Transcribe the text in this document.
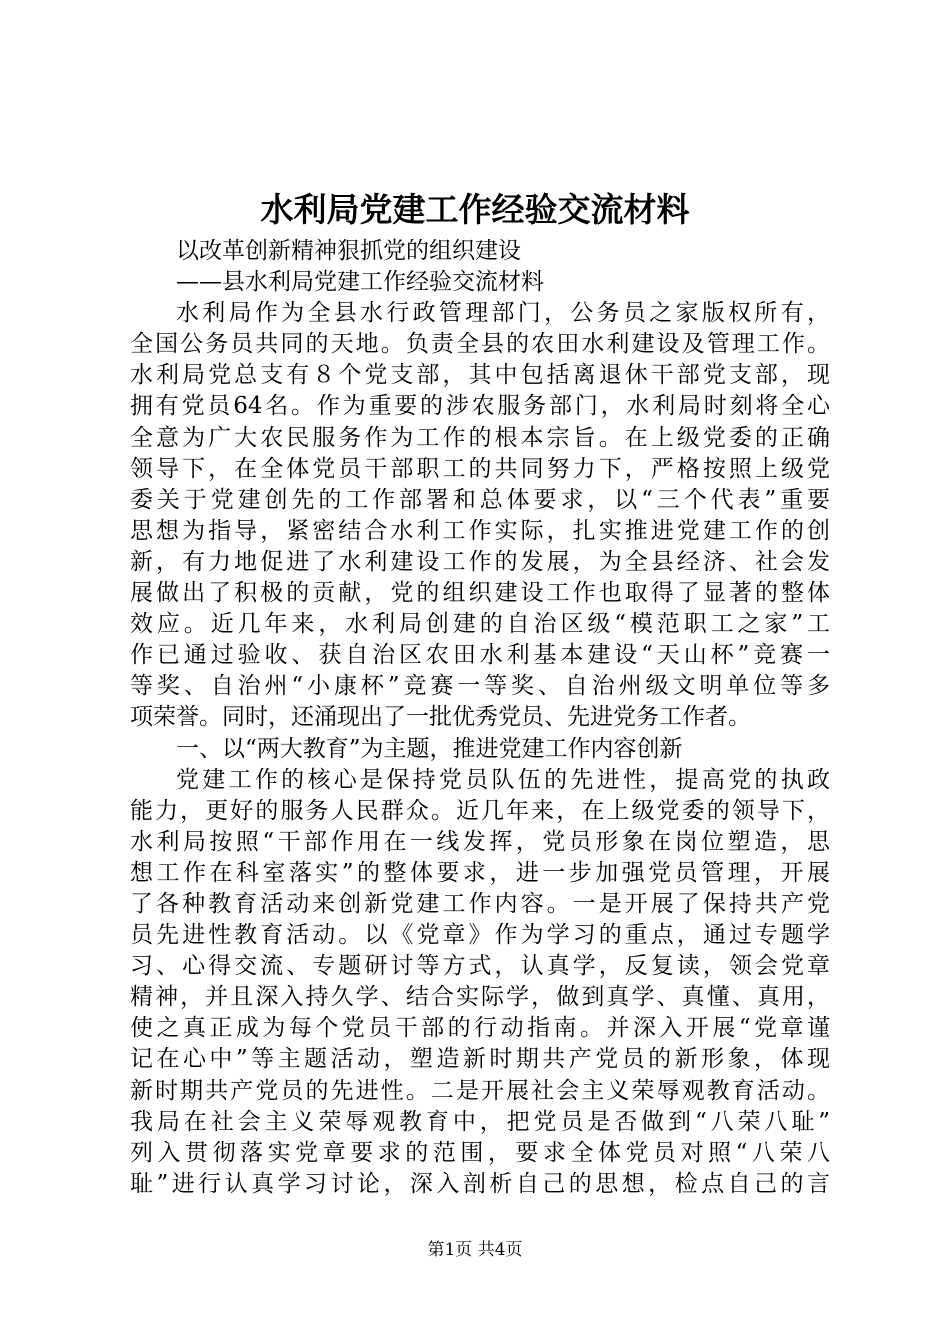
水利局党建工作经验交流材料
以改革创新精神狠抓党的组织建设
——县水利局党建工作经验交流材料
水利局作为全县水行政管理部门，公务员之家版权所有，
全国公务员共同的天地。负责全县的农田水利建设及管理工作。
水利局党总支有８个党支部，其中包括离退休干部党支部，现
拥有党员64名。作为重要的涉农服务部门，水利局时刻将全心
全意为广大农民服务作为工作的根本宗旨。在上级党委的正确
领导下，在全体党员干部职工的共同努力下，严格按照上级党
委关于党建创先的工作部署和总体要求，以“三个代表”重要
思想为指导，紧密结合水利工作实际，扎实推进党建工作的创
新，有力地促进了水利建设工作的发展，为全县经济、社会发
展做出了积极的贡献，党的组织建设工作也取得了显著的整体
效应。近几年来，水利局创建的自治区级“模范职工之家”工
作已通过验收、获自治区农田水利基本建设“天山杯”竞赛一
等奖、自治州“小康杯”竞赛一等奖、自治州级文明单位等多
项荣誉。同时，还涌现出了一批优秀党员、先进党务工作者。
一、以“两大教育”为主题，推进党建工作内容创新
党建工作的核心是保持党员队伍的先进性，提高党的执政
能力，更好的服务人民群众。近几年来，在上级党委的领导下，
水利局按照“干部作用在一线发挥，党员形象在岗位塑造，思
想工作在科室落实”的整体要求，进一步加强党员管理，开展
了各种教育活动来创新党建工作内容。一是开展了保持共产党
员先进性教育活动。以《党章》作为学习的重点，通过专题学
习、心得交流、专题研讨等方式，认真学，反复读，领会党章
精神，并且深入持久学、结合实际学，做到真学、真懂、真用，
使之真正成为每个党员干部的行动指南。并深入开展“党章谨
记在心中”等主题活动，塑造新时期共产党员的新形象，体现
新时期共产党员的先进性。二是开展社会主义荣辱观教育活动。
我局在社会主义荣辱观教育中，把党员是否做到“八荣八耻”
列入贯彻落实党章要求的范围，要求全体党员对照“八荣八
耻”进行认真学习讨论，深入剖析自己的思想，检点自己的言
第1页 共4页
